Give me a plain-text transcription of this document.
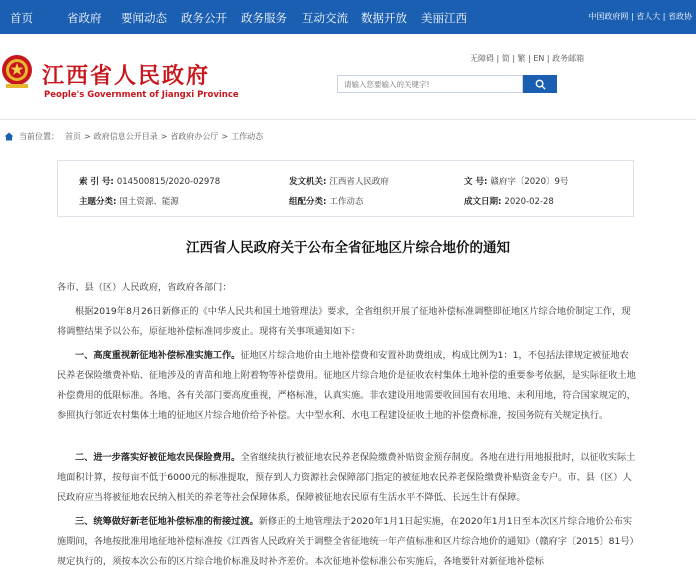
首页	省政府 要闻动态 政务公开 政务服务 互动交流 数据开放 美丽江西	中国政府网 | 省人大 | 省政协
江西省人民政府
People's Government of Jiangxi Province
无障碍 | 简 | 繁 | EN | 政务邮箱
请输入您要输入的关键字!
当前位置： 首页 > 政府信息公开目录 > 省政府办公厅 > 工作动态
索 引 号: 014500815/2020-02978	发文机关: 江西省人民政府	文 号: 赣府字〔2020〕9号
主题分类: 国土资源、能源	组配分类: 工作动态	成文日期: 2020-02-28
江西省人民政府关于公布全省征地区片综合地价的通知
各市、县（区）人民政府，省政府各部门：
根据2019年8月26日新修正的《中华人民共和国土地管理法》要求，全省组织开展了征地补偿标准调整即征地区片综合地价制定工作，现将调整结果予以公布，原征地补偿标准同步废止。现将有关事项通知如下：
一、高度重视新征地补偿标准实施工作。征地区片综合地价由土地补偿费和安置补助费组成，构成比例为1：1，不包括法律规定被征地农民养老保险缴费补贴、征地涉及的青苗和地上附着物等补偿费用。征地区片综合地价是征收农村集体土地补偿的重要参考依据，是实际征收土地补偿费用的低限标准。各地、各有关部门要高度重视，严格标准，认真实施。非农建设用地需要收回国有农用地、未利用地，符合国家规定的，参照执行邻近农村集体土地的征地区片综合地价给予补偿。大中型水利、水电工程建设征收土地的补偿费标准，按国务院有关规定执行。
二、进一步落实好被征地农民保险费用。全省继续执行被征地农民养老保险缴费补贴资金预存制度。各地在进行用地报批时，以征收实际土地面积计算，按每亩不低于6000元的标准提取，预存到人力资源社会保障部门指定的被征地农民养老保险缴费补贴资金专户。市、县（区）人民政府应当将被征地农民纳入相关的养老等社会保障体系，保障被征地农民原有生活水平不降低、长远生计有保障。
三、统筹做好新老征地补偿标准的衔接过渡。新修正的土地管理法于2020年1月1日起实施，在2020年1月1日至本次区片综合地价公布实施期间，各地按批准用地征地补偿标准按《江西省人民政府关于调整全省征地统一年产值标准和区片综合地价的通知》（赣府字〔2015〕81号）规定执行的，须按本次公布的区片综合地价标准及时补齐差价。本次征地补偿标准公布实施后，各地要针对新征地补偿标
